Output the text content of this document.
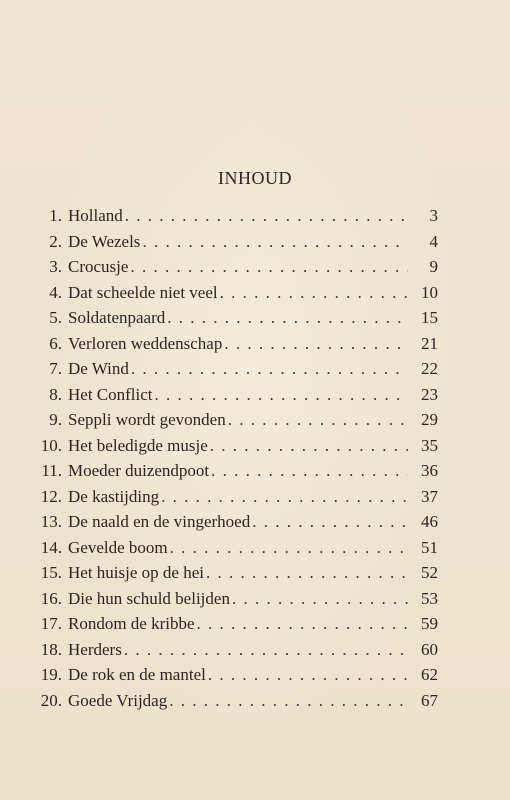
INHOUD
1. Holland . . .	3
2. De Wezels . . .	4
3. Crocusje . . .	9
4. Dat scheelde niet veel . . .	10
5. Soldatenpaard . . .	15
6. Verloren weddenschap . . .	21
7. De Wind . . .	22
8. Het Conflict . . .	23
9. Seppli wordt gevonden . . .	29
10. Het beledigde musje . . .	35
11. Moeder duizendpoot . . .	36
12. De kastijding . . .	37
13. De naald en de vingerhoed . . .	46
14. Gevelde boom . . .	51
15. Het huisje op de hei . . .	52
16. Die hun schuld belijden . . .	53
17. Rondom de kribbe . . .	59
18. Herders . . .	60
19. De rok en de mantel . . .	62
20. Goede Vrijdag . . .	67
